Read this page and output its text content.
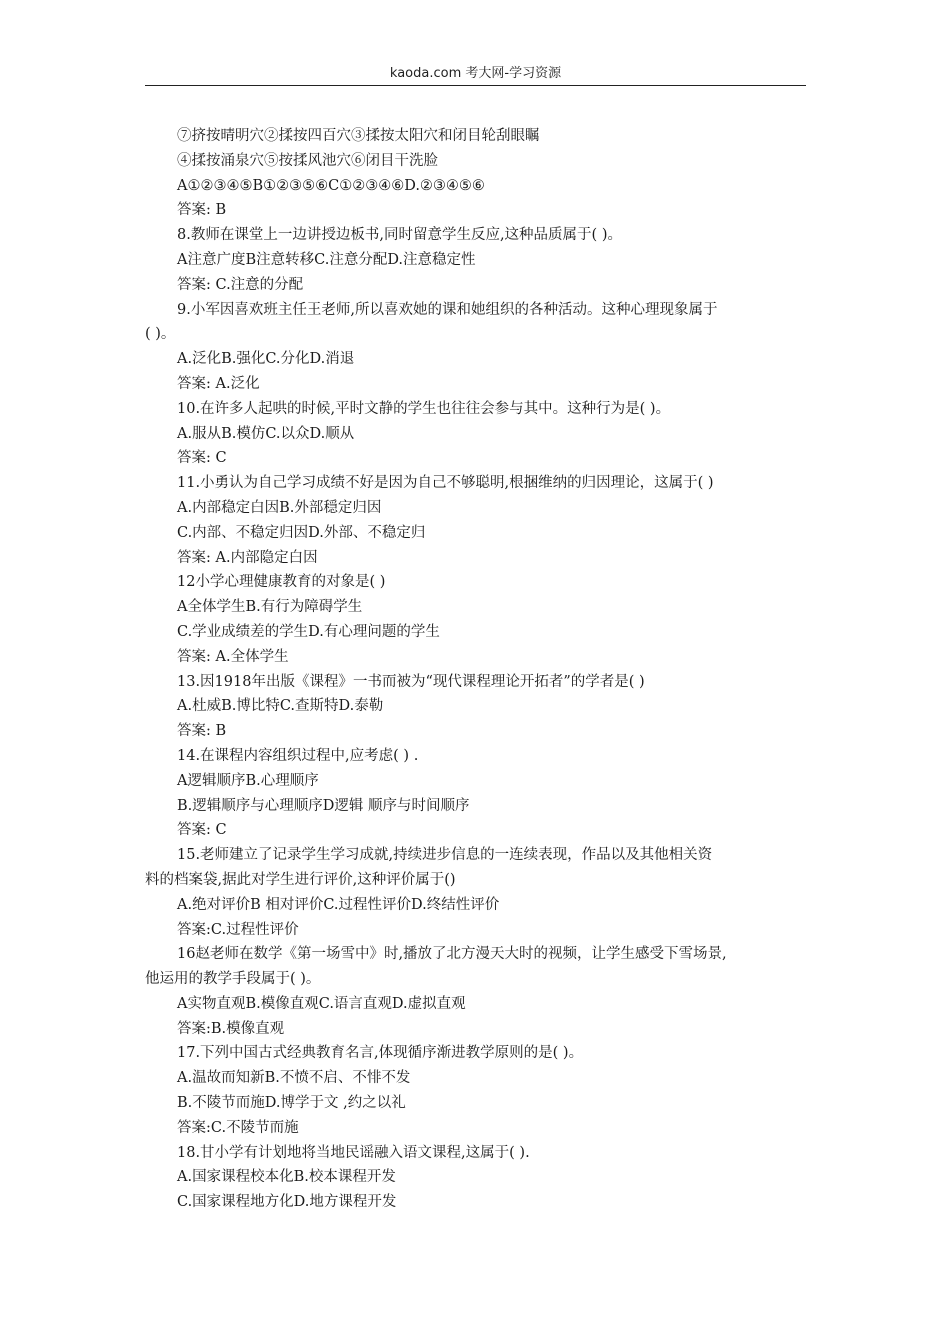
kaoda.com 考大网-学习资源
⑦挤按晴明穴②揉按四百穴③揉按太阳穴和闭目轮刮眼瞩
④揉按涌泉穴⑤按揉风池穴⑥闭目干洗脸
A①②③④⑤B①②③⑤⑥C①②③④⑥D.②③④⑤⑥
答案: B
8.教师在课堂上一边讲授边板书,同时留意学生反应,这种品质属于( )。
A注意广度B注意转移C.注意分配D.注意稳定性
答案: C.注意的分配
9.小军因喜欢班主任王老师,所以喜欢她的课和她组织的各种活动。这种心理现象属于
( )。
A.泛化B.强化C.分化D.消退
答案: A.泛化
10.在许多人起哄的时候,平时文静的学生也往往会参与其中。这种行为是( )。
A.服从B.模仿C.以众D.顺从
答案: C
11.小勇认为自己学习成绩不好是因为自己不够聪明,根捆维纳的归因理论，这属于( )
A.内部稳定白因B.外部穏定归因
C.内部、不稳定归因D.外部、不稳定归
答案: A.内部隐定白因
12小学心理健康教育的对象是( )
A全体学生B.有行为障碍学生
C.学业成绩差的学生D.有心理问题的学生
答案: A.全体学生
13.因1918年出版《课程》一书而被为“现代课程理论开拓者”的学者是( )
A.杜威B.博比特C.查斯特D.泰勒
答案: B
14.在课程内容组织过程中,应考虑( ) .
A逻辑顺序B.心理顺序
B.逻辑顺序与心理顺序D逻辑 顺序与时间顺序
答案: C
15.老师建立了记录学生学习成就,持续进步信息的一连续表现，作品以及其他相关资
料的档案袋,据此对学生进行评价,这种评价属于()
A.绝对评价B 相对评价C.过程性评价D.终结性评价
答案:C.过程性评价
16赵老师在数学《第一场雪中》时,播放了北方漫天大时的视频，让学生感受下雪场景,
他运用的教学手段属于( )。
A实物直观B.模像直观C.语言直观D.虚拟直观
答案:B.模像直观
17.下列中国古式经典教育名言,体现循序渐进教学原则的是( )。
A.温故而知新B.不愤不启、不悱不发
B.不陵节而施D.博学于文 ,约之以礼
答案:C.不陵节而施
18.甘小学有计划地将当地民谣融入语文课程,这属于( ).
A.国家课程校本化B.校本课程开发
C.国家课程地方化D.地方课程开发
